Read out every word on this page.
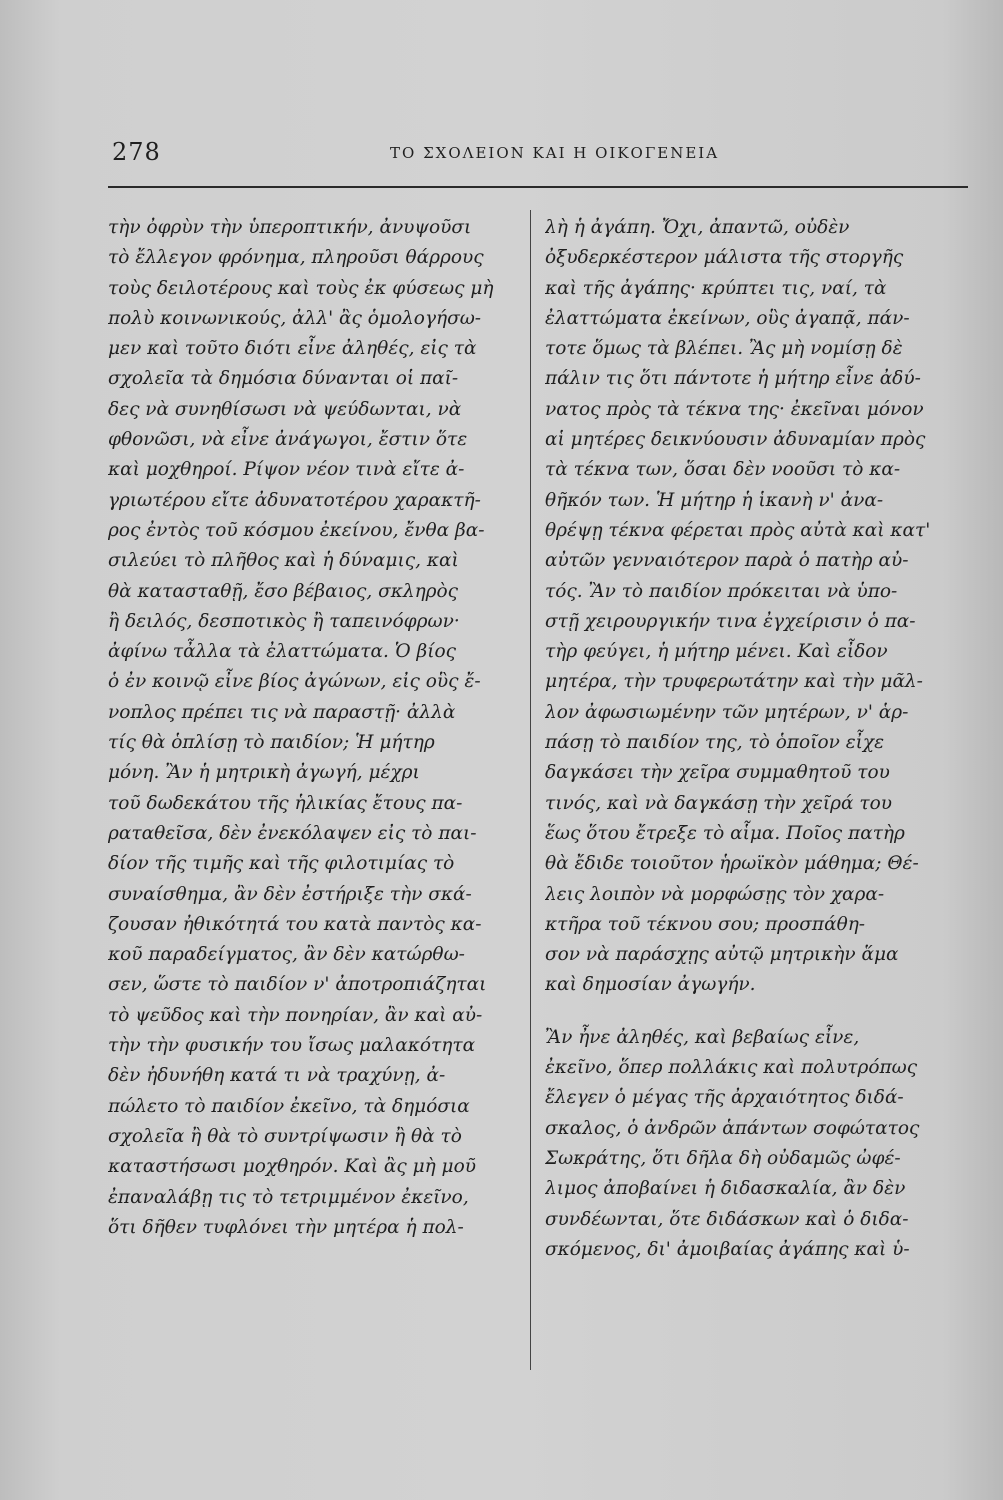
278	ΤΟ ΣΧΟΛΕΙΟΝ ΚΑΙ Η ΟΙΚΟΓΕΝΕΙΑ
τὴν ὀφρὺν τὴν ὑπεροπτικήν, ἀνυψοῦσι
τὸ ἔλλεγον φρόνημα, πληροῦσι θάρρους
τοὺς δειλοτέρους καὶ τοὺς ἐκ φύσεως μὴ
πολὺ κοινωνικούς, ἀλλ' ἂς ὁμολογήσω-
μεν καὶ τοῦτο διότι εἶνε ἀληθές, εἰς τὰ
σχολεῖα τὰ δημόσια δύνανται οἱ παῖ-
δες νὰ συνηθίσωσι νὰ ψεύδωνται, νὰ
φθονῶσι, νὰ εἶνε ἀνάγωγοι, ἔστιν ὅτε
καὶ μοχθηροί. Ρίψον νέον τινὰ εἴτε ἀ-
γριωτέρου εἴτε ἀδυνατοτέρου χαρακτῆ-
ρος ἐντὸς τοῦ κόσμου ἐκείνου, ἔνθα βα-
σιλεύει τὸ πλῆθος καὶ ἡ δύναμις, καὶ
θὰ κατασταθῇ, ἔσο βέβαιος, σκληρὸς
ἢ δειλός, δεσποτικὸς ἢ ταπεινόφρων·
ἀφίνω τἆλλα τὰ ἐλαττώματα. Ὁ βίος
ὁ ἐν κοινῷ εἶνε βίος ἀγώνων, εἰς οὓς ἔ-
νοπλος πρέπει τις νὰ παραστῇ· ἀλλὰ
τίς θὰ ὁπλίσῃ τὸ παιδίον; Ἡ μήτηρ
μόνη. Ἂν ἡ μητρικὴ ἀγωγή, μέχρι
τοῦ δωδεκάτου τῆς ἡλικίας ἔτους πα-
ραταθεῖσα, δὲν ἐνεκόλαψεν εἰς τὸ παι-
δίον τῆς τιμῆς καὶ τῆς φιλοτιμίας τὸ
συναίσθημα, ἂν δὲν ἐστήριξε τὴν σκά-
ζουσαν ἠθικότητά του κατὰ παντὸς κα-
κοῦ παραδείγματος, ἂν δὲν κατώρθω-
σεν, ὥστε τὸ παιδίον ν' ἀποτροπιάζηται
τὸ ψεῦδος καὶ τὴν πονηρίαν, ἂν καὶ αὐ-
τὴν τὴν φυσικήν του ἴσως μαλακότητα
δὲν ἠδυνήθη κατά τι νὰ τραχύνῃ, ἀ-
πώλετο τὸ παιδίον ἐκεῖνο, τὰ δημόσια
σχολεῖα ἢ θὰ τὸ συντρίψωσιν ἢ θὰ τὸ
καταστήσωσι μοχθηρόν. Καὶ ἂς μὴ μοῦ
ἐπαναλάβῃ τις τὸ τετριμμένον ἐκεῖνο,
ὅτι δῆθεν τυφλόνει τὴν μητέρα ἡ πολ-
λὴ ἡ ἀγάπη. Ὄχι, ἀπαντῶ, οὐδὲν
ὀξυδερκέστερον μάλιστα τῆς στοργῆς
καὶ τῆς ἀγάπης· κρύπτει τις, ναί, τὰ
ἐλαττώματα ἐκείνων, οὓς ἀγαπᾷ, πάν-
τοτε ὅμως τὰ βλέπει. Ἂς μὴ νομίσῃ δὲ
πάλιν τις ὅτι πάντοτε ἡ μήτηρ εἶνε ἀδύ-
νατος πρὸς τὰ τέκνα της· ἐκεῖναι μόνον
αἱ μητέρες δεικνύουσιν ἀδυναμίαν πρὸς
τὰ τέκνα των, ὅσαι δὲν νοοῦσι τὸ κα-
θῆκόν των. Ἡ μήτηρ ἡ ἱκανὴ ν' ἀνα-
θρέψῃ τέκνα φέρεται πρὸς αὐτὰ καὶ κατ'
αὐτῶν γενναιότερον παρὰ ὁ πατὴρ αὐ-
τός. Ἂν τὸ παιδίον πρόκειται νὰ ὑπο-
στῇ χειρουργικήν τινα ἐγχείρισιν ὁ πα-
τὴρ φεύγει, ἡ μήτηρ μένει. Καὶ εἶδον
μητέρα, τὴν τρυφερωτάτην καὶ τὴν μᾶλ-
λον ἀφωσιωμένην τῶν μητέρων, ν' ἁρ-
πάσῃ τὸ παιδίον της, τὸ ὁποῖον εἶχε
δαγκάσει τὴν χεῖρα συμμαθητοῦ του
τινός, καὶ νὰ δαγκάσῃ τὴν χεῖρά του
ἕως ὅτου ἔτρεξε τὸ αἷμα. Ποῖος πατὴρ
θὰ ἔδιδε τοιοῦτον ἡρωϊκὸν μάθημα; Θέ-
λεις λοιπὸν νὰ μορφώσῃς τὸν χαρα-
κτῆρα τοῦ τέκνου σου; προσπάθη-
σον νὰ παράσχῃς αὐτῷ μητρικὴν ἅμα
καὶ δημοσίαν ἀγωγήν.
Ἂν ἦνε ἀληθές, καὶ βεβαίως εἶνε,
ἐκεῖνο, ὅπερ πολλάκις καὶ πολυτρόπως
ἔλεγεν ὁ μέγας τῆς ἀρχαιότητος διδά-
σκαλος, ὁ ἀνδρῶν ἁπάντων σοφώτατος
Σωκράτης, ὅτι δῆλα δὴ οὐδαμῶς ὠφέ-
λιμος ἀποβαίνει ἡ διδασκαλία, ἂν δὲν
συνδέωνται, ὅτε διδάσκων καὶ ὁ διδα-
σκόμενος, δι' ἀμοιβαίας ἀγάπης καὶ ὑ-
